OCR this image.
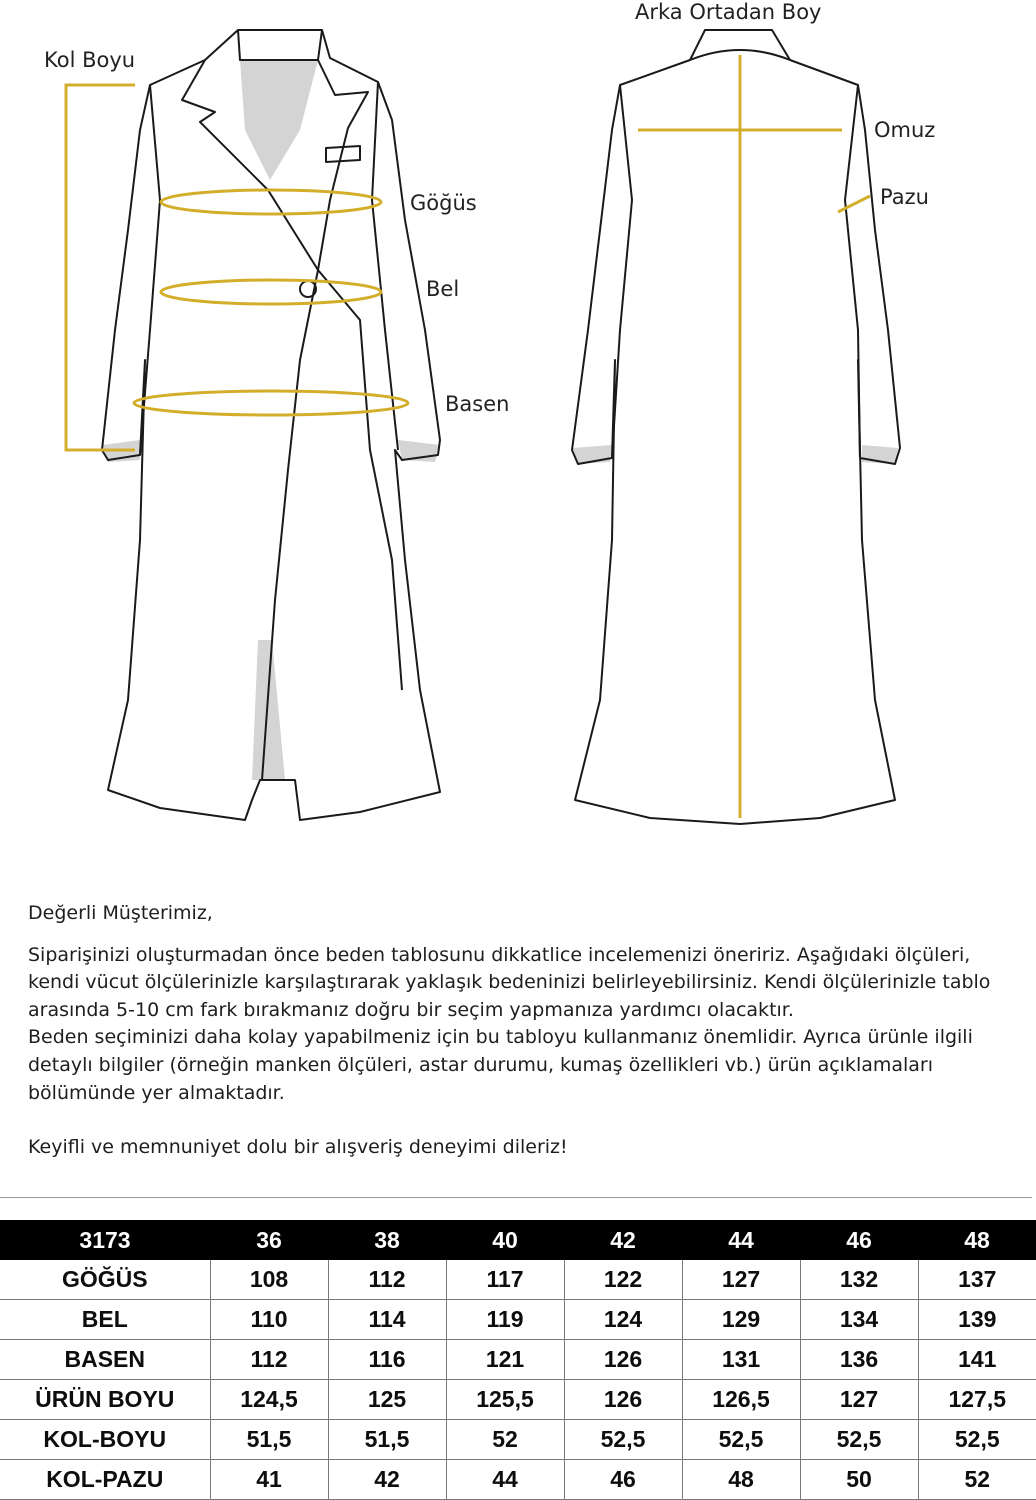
Kol Boyu
Arka Ortadan Boy
Göğüs
Bel
Basen
Omuz
Pazu

Değerli Müşterimiz,

Siparişinizi oluşturmadan önce beden tablosunu dikkatlice incelemenizi öneririz. Aşağıdaki ölçüleri, kendi vücut ölçülerinizle karşılaştırarak yaklaşık bedeninizi belirleyebilirsiniz. Kendi ölçülerinizle tablo arasında 5-10 cm fark bırakmanız doğru bir seçim yapmanıza yardımcı olacaktır.

Beden seçiminizi daha kolay yapabilmeniz için bu tabloyu kullanmanız önemlidir. Ayrıca ürünle ilgili detaylı bilgiler (örneğin manken ölçüleri, astar durumu, kumaş özellikleri vb.) ürün açıklamaları bölümünde yer almaktadır.

Keyifli ve memnuniyet dolu bir alışveriş deneyimi dileriz!

3173	36	38	40	42	44	46	48
GÖĞÜS	108	112	117	122	127	132	137
BEL	110	114	119	124	129	134	139
BASEN	112	116	121	126	131	136	141
ÜRÜN BOYU	124,5	125	125,5	126	126,5	127	127,5
KOL-BOYU	51,5	51,5	52	52,5	52,5	52,5	52,5
KOL-PAZU	41	42	44	46	48	50	52
